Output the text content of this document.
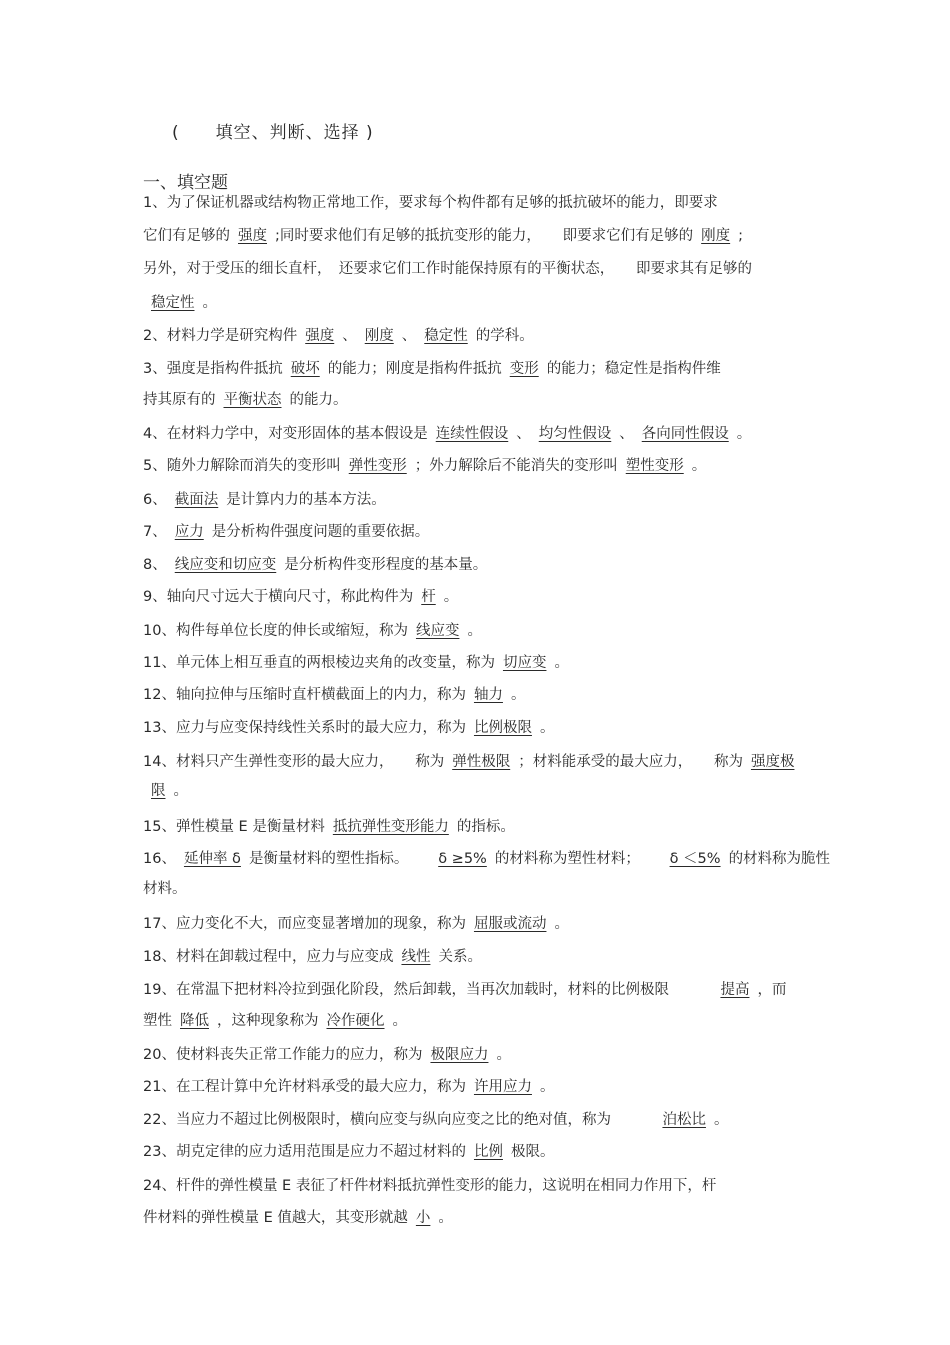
(　　填空、判断、选择 )
一、填空题
1、为了保证机器或结构物正常地工作，要求每个构件都有足够的抵抗破坏的能力，即要求
它们有足够的 强度 ;同时要求他们有足够的抵抗变形的能力，　　即要求它们有足够的 刚度 ;
另外，对于受压的细长直杆，　还要求它们工作时能保持原有的平衡状态，　　即要求其有足够的
稳定性 。
2、材料力学是研究构件 强度 、 刚度 、 稳定性 的学科。
3、强度是指构件抵抗 破坏 的能力；刚度是指构件抵抗 变形 的能力；稳定性是指构件维
持其原有的 平衡状态 的能力。
4、在材料力学中，对变形固体的基本假设是 连续性假设 、 均匀性假设 、 各向同性假设 。
5、随外力解除而消失的变形叫 弹性变形 ；外力解除后不能消失的变形叫 塑性变形 。
6、 截面法 是计算内力的基本方法。
7、 应力 是分析构件强度问题的重要依据。
8、 线应变和切应变 是分析构件变形程度的基本量。
9、轴向尺寸远大于横向尺寸，称此构件为 杆 。
10、构件每单位长度的伸长或缩短，称为 线应变 。
11、单元体上相互垂直的两根棱边夹角的改变量，称为 切应变 。
12、轴向拉伸与压缩时直杆横截面上的内力，称为 轴力 。
13、应力与应变保持线性关系时的最大应力，称为 比例极限 。
14、材料只产生弹性变形的最大应力，　　称为 弹性极限 ；材料能承受的最大应力，　　称为 强度极
限 。
15、弹性模量 E 是衡量材料 抵抗弹性变形能力 的指标。
16、 延伸率 δ 是衡量材料的塑性指标。　　δ ≥5% 的材料称为塑性材料；　　δ ＜5% 的材料称为脆性
材料。
17、应力变化不大，而应变显著增加的现象，称为 屈服或流动 。
18、材料在卸载过程中，应力与应变成 线性 关系。
19、在常温下把材料冷拉到强化阶段，然后卸载，当再次加载时，材料的比例极限　　　提高 ，而
塑性 降低 ，这种现象称为 冷作硬化 。
20、使材料丧失正常工作能力的应力，称为 极限应力 。
21、在工程计算中允许材料承受的最大应力，称为 许用应力 。
22、当应力不超过比例极限时，横向应变与纵向应变之比的绝对值，称为　　　泊松比 。
23、胡克定律的应力适用范围是应力不超过材料的 比例 极限。
24、杆件的弹性模量 E 表征了杆件材料抵抗弹性变形的能力，这说明在相同力作用下，杆
件材料的弹性模量 E 值越大，其变形就越 小 。
